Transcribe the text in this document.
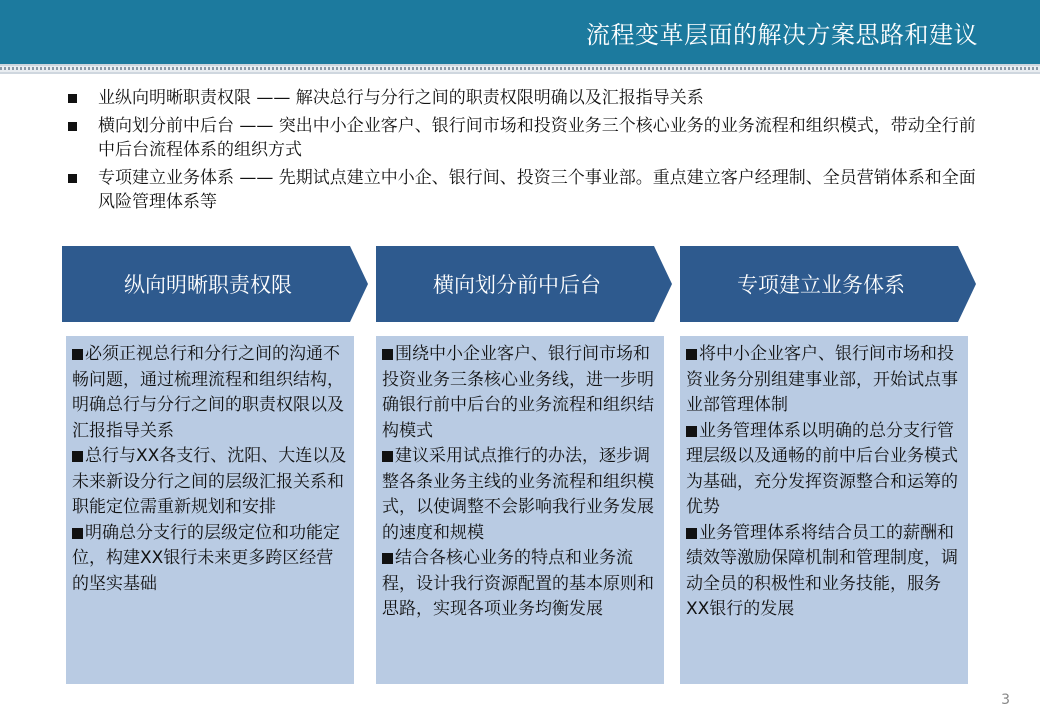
流程变革层面的解决方案思路和建议
业纵向明晰职责权限 —— 解决总行与分行之间的职责权限明确以及汇报指导关系
横向划分前中后台 —— 突出中小企业客户、银行间市场和投资业务三个核心业务的业务流程和组织模式，带动全行前中后台流程体系的组织方式
专项建立业务体系 —— 先期试点建立中小企、银行间、投资三个事业部。重点建立客户经理制、全员营销体系和全面风险管理体系等
纵向明晰职责权限

必须正视总行和分行之间的沟通不畅问题，通过梳理流程和组织结构，明确总行与分行之间的职责权限以及汇报指导关系

总行与XX各支行、沈阳、大连以及未来新设分行之间的层级汇报关系和职能定位需重新规划和安排

明确总分支行的层级定位和功能定位，构建XX银行未来更多跨区经营的坚实基础

横向划分前中后台

围绕中小企业客户、银行间市场和投资业务三条核心业务线，进一步明确银行前中后台的业务流程和组织结构模式

建议采用试点推行的办法，逐步调整各条业务主线的业务流程和组织模式，以使调整不会影响我行业务发展的速度和规模

结合各核心业务的特点和业务流程，设计我行资源配置的基本原则和思路，实现各项业务均衡发展

专项建立业务体系

将中小企业客户、银行间市场和投资业务分别组建事业部，开始试点事业部管理体制

业务管理体系以明确的总分支行管理层级以及通畅的前中后台业务模式为基础，充分发挥资源整合和运筹的优势

业务管理体系将结合员工的薪酬和绩效等激励保障机制和管理制度，调动全员的积极性和业务技能，服务XX银行的发展

3
